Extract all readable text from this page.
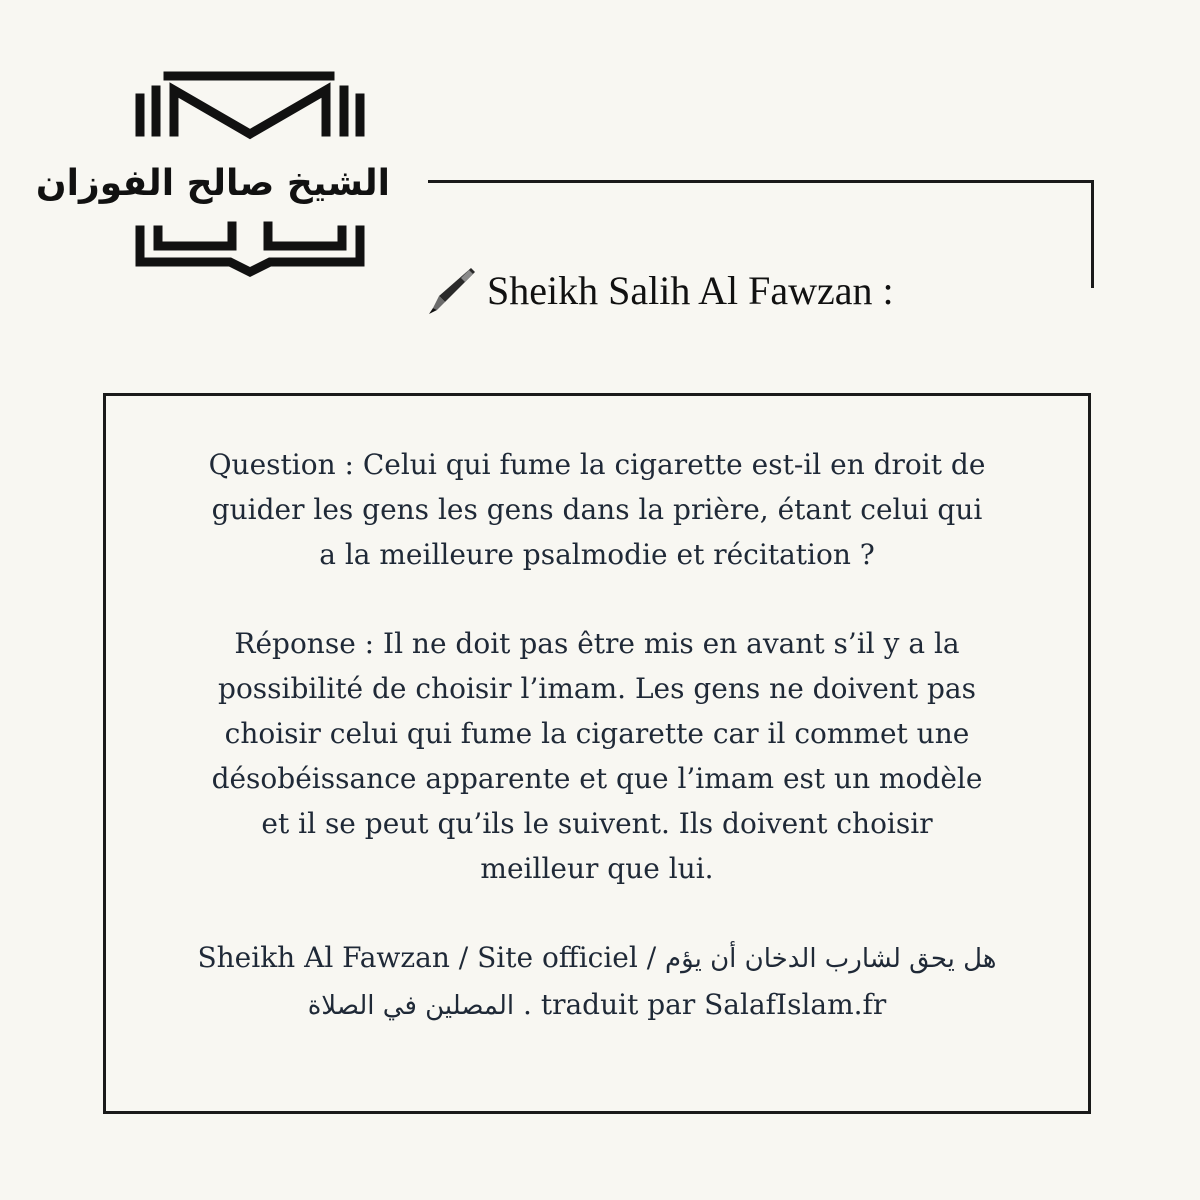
الشيخ صالح الفوزان
Sheikh Salih Al Fawzan :

Question : Celui qui fume la cigarette est-il en droit de

guider les gens les gens dans la prière, étant celui qui

a la meilleure psalmodie et récitation ?

Réponse : Il ne doit pas être mis en avant s’il y a la

possibilité de choisir l’imam. Les gens ne doivent pas

choisir celui qui fume la cigarette car il commet une

désobéissance apparente et que l’imam est un modèle

et il se peut qu’ils le suivent. Ils doivent choisir

meilleur que lui.

Sheikh Al Fawzan / Site officiel / هل يحق لشارب الدخان أن يؤم

المصلين في الصلاة . traduit par SalafIslam.fr
